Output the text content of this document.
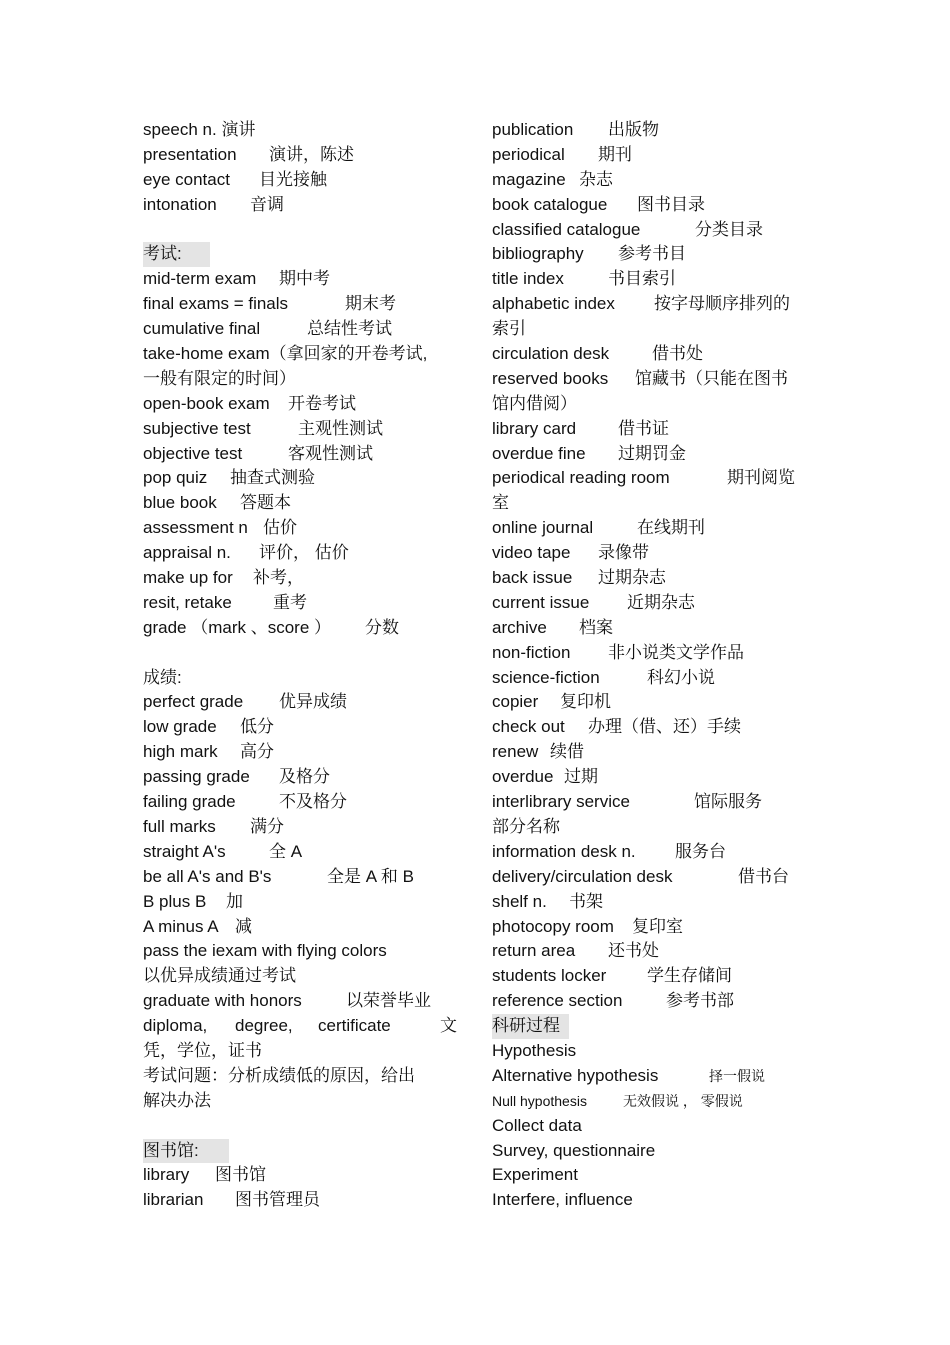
speech n. 演讲
presentation 演讲，陈述
eye contact 目光接触
intonation 音调
考试:
mid-term exam 期中考
final exams = finals	期末考
cumulative final	总结性考试
take-home exam（拿回家的开卷考试,
一般有限定的时间）
open-book exam 开卷考试
subjective test	主观性测试
objective test	客观性测试
pop quiz 抽查式测验
blue book 答题本
assessment n 估价
appraisal n. 评价， 估价
make up for 补考，
resit, retake 重考
grade （mark 、score ） 分数
成绩:
perfect grade 优异成绩
low grade 低分
high mark 高分
passing grade 及格分
failing grade	不及格分
full marks 满分
straight A's	全 A
be all A's and B's	全是 A 和 B
B plus B 加
A minus A 减
pass the iexam with flying colors
以优异成绩通过考试
graduate with honors	以荣誉毕业
diploma, degree, certificate	文
凭，学位，证书
考试问题：分析成绩低的原因，给出
解决办法
图书馆:
library 图书馆
librarian 图书管理员
publication 出版物
periodical 期刊
magazine 杂志
book catalogue 图书目录
classified catalogue	分类目录
bibliography 参考书目
title index	书目索引
alphabetic index 按字母顺序排列的
索引
circulation desk	借书处
reserved books 馆藏书（只能在图书
馆内借阅）
library card 借书证
overdue fine 过期罚金
periodical reading room	期刊阅览
室
online journal	在线期刊
video tape 录像带
back issue 过期杂志
current issue 近期杂志
archive 档案
non-fiction 非小说类文学作品
science-fiction	科幻小说
copier 复印机
check out 办理（借、还）手续
renew 续借
overdue 过期
interlibrary service	馆际服务
部分名称
information desk n. 服务台
delivery/circulation desk	借书台
shelf n. 书架
photocopy room 复印室
return area 还书处
students locker 学生存储间
reference section	参考书部
科研过程
Hypothesis
Alternative hypothesis	择一假说
Null hypothesis	无效假说 ， 零假说
Collect data
Survey, questionnaire
Experiment
Interfere, influence
